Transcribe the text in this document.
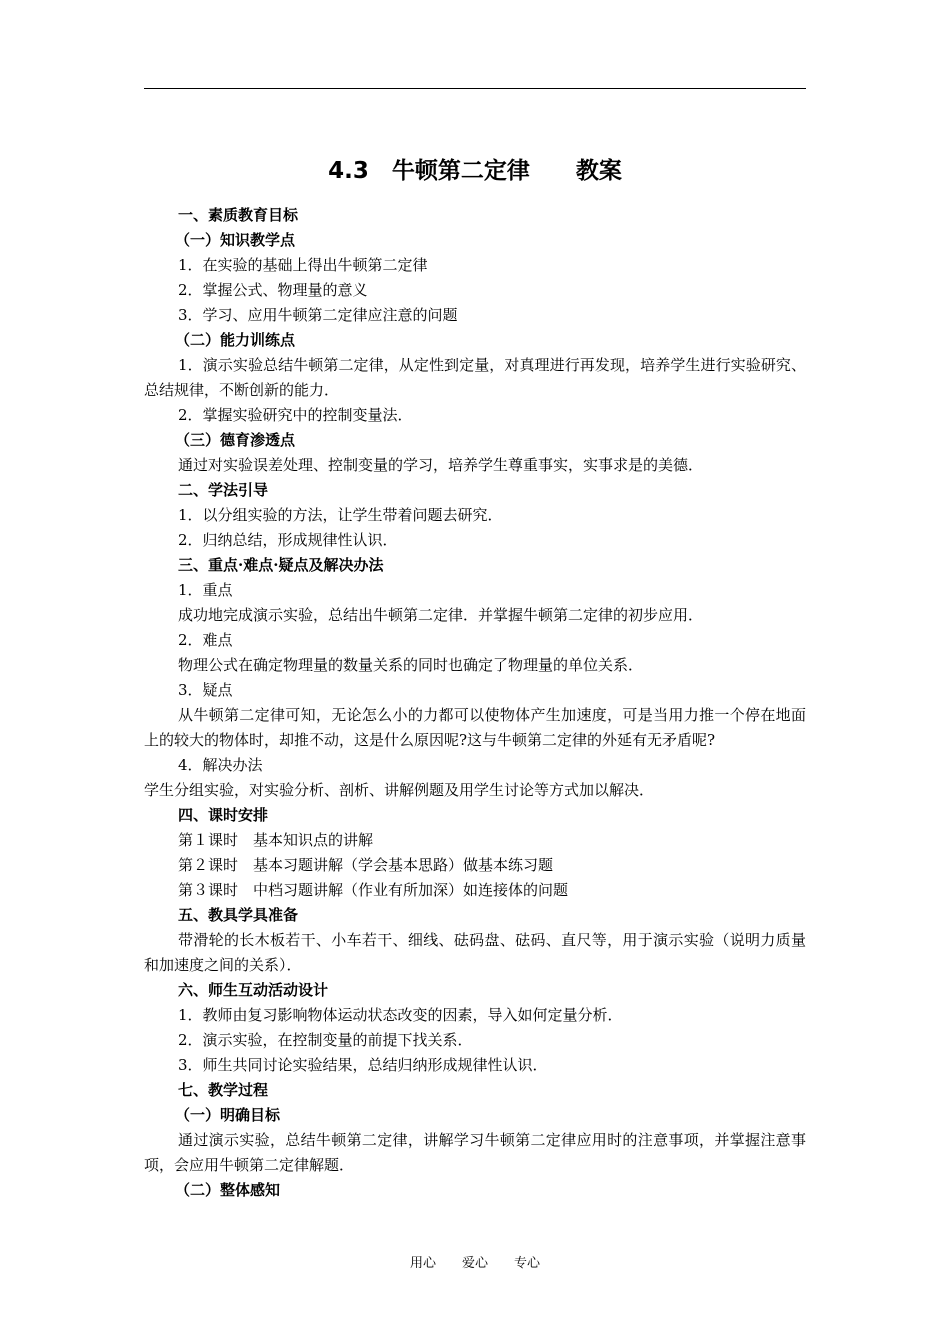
4.3　牛顿第二定律　　教案
一、素质教育目标
（一）知识教学点
1．在实验的基础上得出牛顿第二定律
2．掌握公式、物理量的意义
3．学习、应用牛顿第二定律应注意的问题
（二）能力训练点

1．演示实验总结牛顿第二定律，从定性到定量，对真理进行再发现，培养学生进行实验研究、总结规律，不断创新的能力．

2．掌握实验研究中的控制变量法．
（三）德育渗透点
通过对实验误差处理、控制变量的学习，培养学生尊重事实，实事求是的美德．
二、学法引导
1．以分组实验的方法，让学生带着问题去研究．
2．归纳总结，形成规律性认识．
三、重点·难点·疑点及解决办法
1．重点
成功地完成演示实验，总结出牛顿第二定律．并掌握牛顿第二定律的初步应用．
2．难点
物理公式在确定物理量的数量关系的同时也确定了物理量的单位关系．
3．疑点

从牛顿第二定律可知，无论怎么小的力都可以使物体产生加速度，可是当用力推一个停在地面上的较大的物体时，却推不动，这是什么原因呢?这与牛顿第二定律的外延有无矛盾呢?

4．解决办法
学生分组实验，对实验分析、剖析、讲解例题及用学生讨论等方式加以解决．
四、课时安排
第１课时　基本知识点的讲解
第２课时　基本习题讲解（学会基本思路）做基本练习题
第３课时　中档习题讲解（作业有所加深）如连接体的问题
五、教具学具准备

带滑轮的长木板若干、小车若干、细线、砝码盘、砝码、直尺等，用于演示实验（说明力质量和加速度之间的关系）．

六、师生互动活动设计
1．教师由复习影响物体运动状态改变的因素，导入如何定量分析．
2．演示实验，在控制变量的前提下找关系．
3．师生共同讨论实验结果，总结归纳形成规律性认识．
七、教学过程
（一）明确目标

通过演示实验，总结牛顿第二定律，讲解学习牛顿第二定律应用时的注意事项，并掌握注意事项，会应用牛顿第二定律解题．

（二）整体感知
用心　　爱心　　专心
